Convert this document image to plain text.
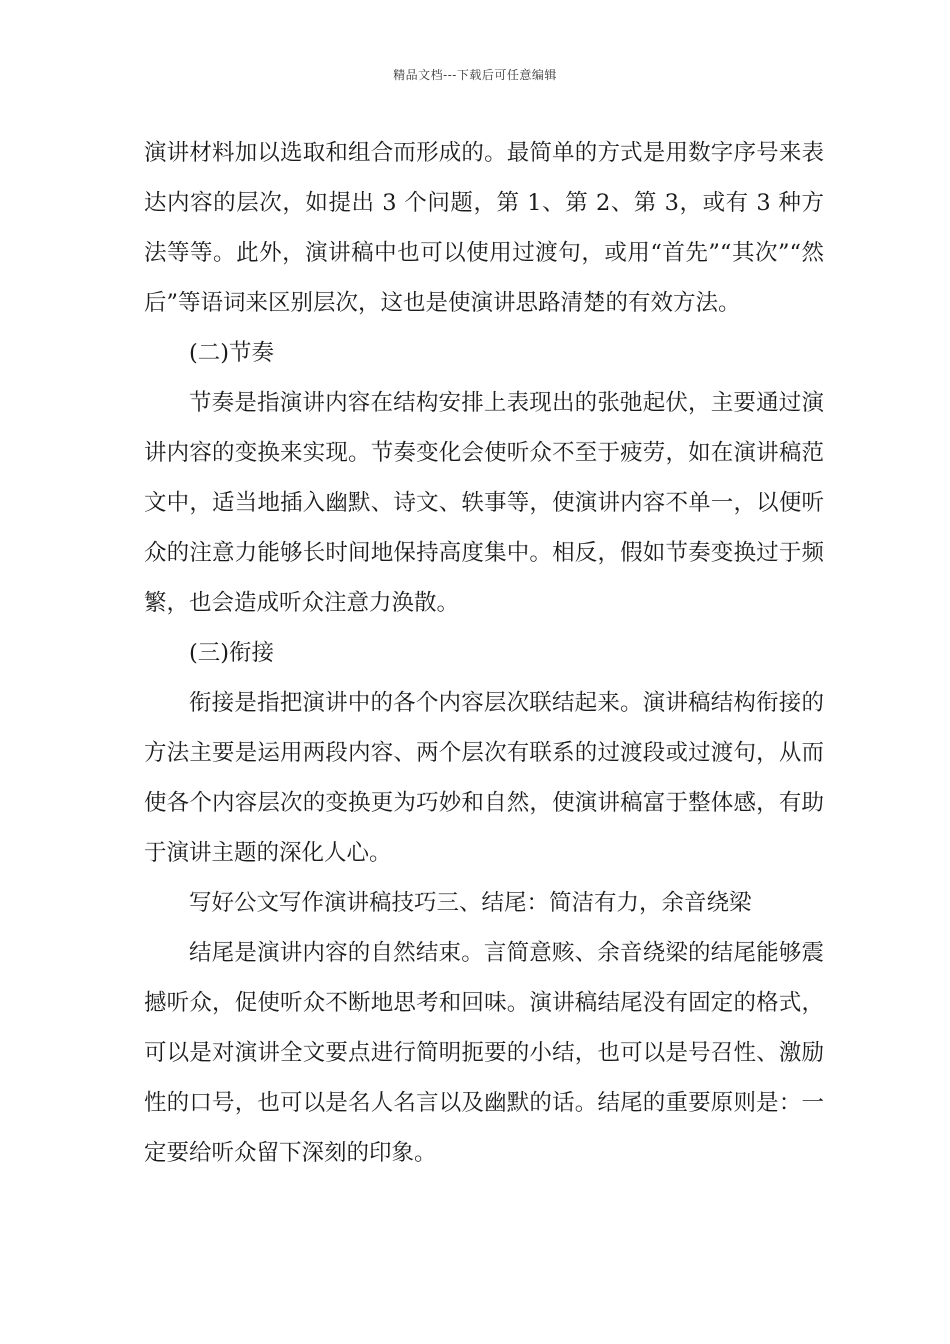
精品文档---下载后可任意编辑

演讲材料加以选取和组合而形成的。最简单的方式是用数字序号来表达内容的层次，如提出 3 个问题，第 1、第 2、第 3，或有 3 种方法等等。此外，演讲稿中也可以使用过渡句，或用“首先”“其次”“然后”等语词来区别层次，这也是使演讲思路清楚的有效方法。

(二)节奏

节奏是指演讲内容在结构安排上表现出的张弛起伏，主要通过演讲内容的变换来实现。节奏变化会使听众不至于疲劳，如在演讲稿范文中，适当地插入幽默、诗文、轶事等，使演讲内容不单一，以便听众的注意力能够长时间地保持高度集中。相反，假如节奏变换过于频繁，也会造成听众注意力涣散。

(三)衔接

衔接是指把演讲中的各个内容层次联结起来。演讲稿结构衔接的方法主要是运用两段内容、两个层次有联系的过渡段或过渡句，从而使各个内容层次的变换更为巧妙和自然，使演讲稿富于整体感，有助于演讲主题的深化人心。

写好公文写作演讲稿技巧三、结尾：简洁有力，余音绕梁

结尾是演讲内容的自然结束。言简意赅、余音绕梁的结尾能够震撼听众，促使听众不断地思考和回味。演讲稿结尾没有固定的格式，可以是对演讲全文要点进行简明扼要的小结，也可以是号召性、激励性的口号，也可以是名人名言以及幽默的话。结尾的重要原则是：一定要给听众留下深刻的印象。
